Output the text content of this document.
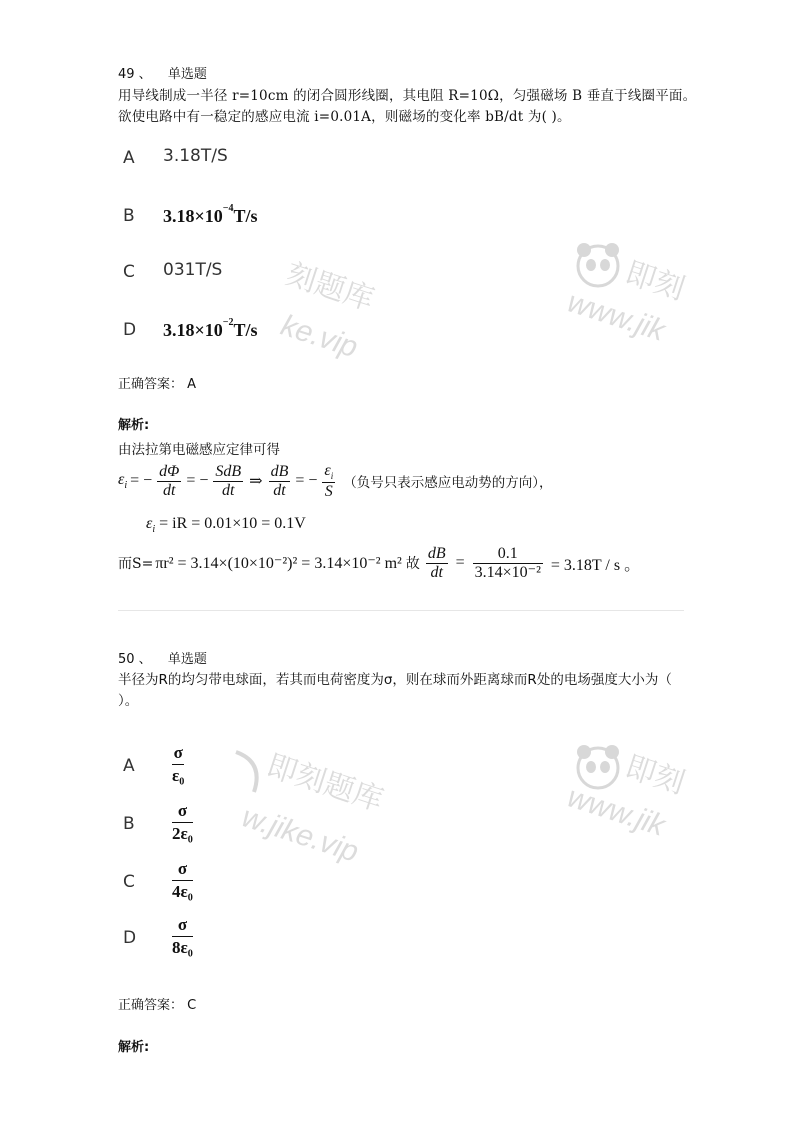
刻题库
ke.vip
即刻
www.jik
即刻题库
w.jike.vip
即刻
www.jik
49 、 单选题
用导线制成一半径 r=10cm 的闭合圆形线圈，其电阻 R=10Ω，匀强磁场 B 垂直于线圈平面。欲使电路中有一稳定的感应电流 i=0.01A，则磁场的变化率 bB/dt 为( )。
A 3.18T/S
B $3.18\times 10^{-4}T/s$
C 031T/S
D $3.18\times 10^{-2}T/s$
正确答案： A
解析:
由法拉第电磁感应定律可得
$\varepsilon_i$ = − $\frac{d\Phi}{dt}$ = − $\frac{\text{SdB}}{dt}$ ⇒ $\frac{dB}{dt}$ = − $\frac{\varepsilon_i}{S}$ （负号只表示感应电动势的方向），
$\varepsilon_i$ = iR = 0.01×10 = 0.1V
而S= πr² = 3.14×(10×10⁻²)² = 3.14×10⁻² m² 故 $\frac{dB}{dt} = \frac{0.1}{\text{3.14×10⁻²}} = 3.18T / s$ 。
50 、 单选题
半径为R的均匀带电球面，若其而电荷密度为σ，则在球而外距离球而R处的电场强度大小为（ ）。
A
σ
ε₀
B
σ
2ε₀
C
σ
4ε₀
D
σ
8ε₀
正确答案： C
解析:
